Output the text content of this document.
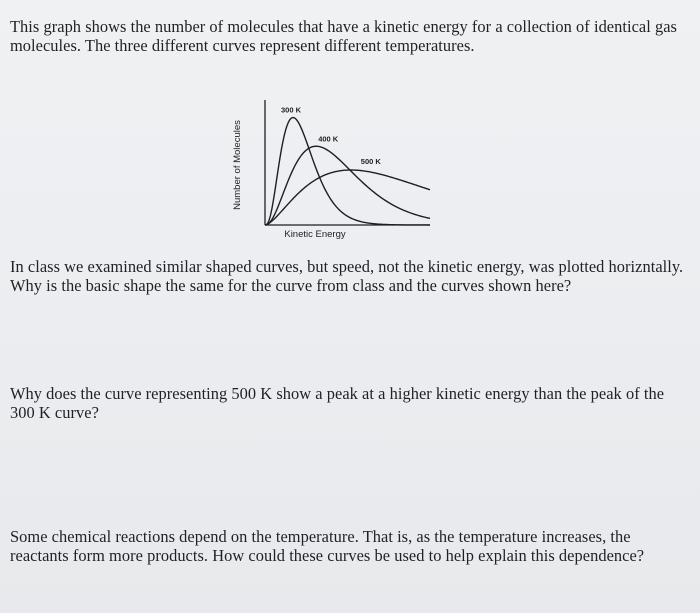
This graph shows the number of molecules that have a kinetic energy for a collection of identical gas molecules. The three different curves represent different temperatures.
Number of Molecules
Kinetic Energy
300 K
400 K
500 K
In class we examined similar shaped curves, but speed, not the kinetic energy, was plotted horizntally. Why is the basic shape the same for the curve from class and the curves shown here?
Why does the curve representing 500 K show a peak at a higher kinetic energy than the peak of the 300 K curve?
Some chemical reactions depend on the temperature. That is, as the temperature increases, the reactants form more products. How could these curves be used to help explain this dependence?
